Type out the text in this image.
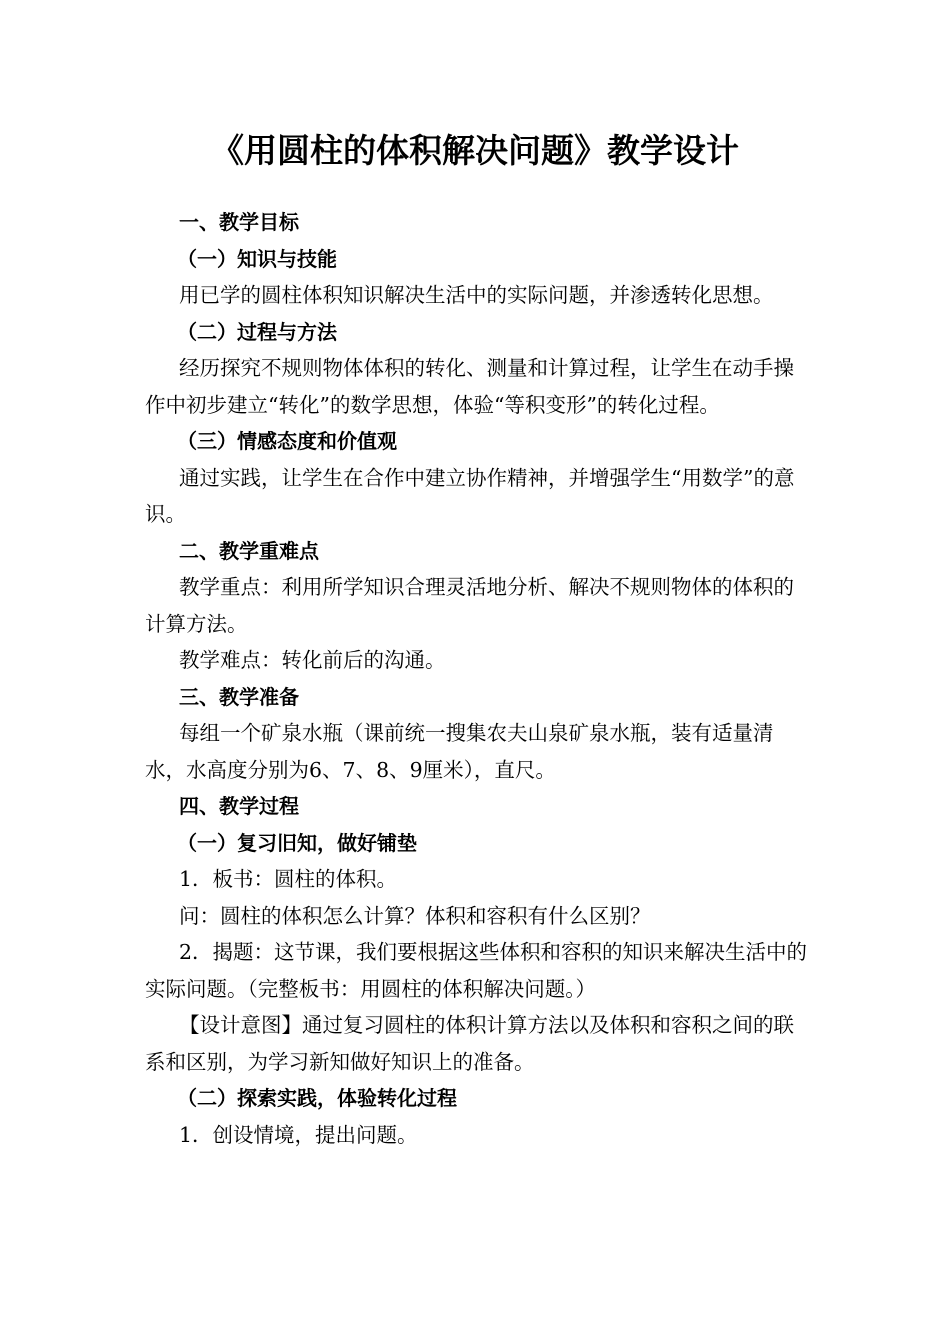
《用圆柱的体积解决问题》教学设计

一、教学目标

（一）知识与技能

用已学的圆柱体积知识解决生活中的实际问题，并渗透转化思想。

（二）过程与方法

经历探究不规则物体体积的转化、测量和计算过程，让学生在动手操作中初步建立“转化”的数学思想，体验“等积变形”的转化过程。

（三）情感态度和价值观

通过实践，让学生在合作中建立协作精神，并增强学生“用数学”的意识。

二、教学重难点

教学重点：利用所学知识合理灵活地分析、解决不规则物体的体积的计算方法。

教学难点：转化前后的沟通。

三、教学准备

每组一个矿泉水瓶（课前统一搜集农夫山泉矿泉水瓶，装有适量清水，水高度分别为6、7、8、9厘米），直尺。

四、教学过程

（一）复习旧知，做好铺垫

1．板书：圆柱的体积。

问：圆柱的体积怎么计算？体积和容积有什么区别？

2．揭题：这节课，我们要根据这些体积和容积的知识来解决生活中的实际问题。（完整板书：用圆柱的体积解决问题。）

【设计意图】通过复习圆柱的体积计算方法以及体积和容积之间的联系和区别，为学习新知做好知识上的准备。

（二）探索实践，体验转化过程

1．创设情境，提出问题。
